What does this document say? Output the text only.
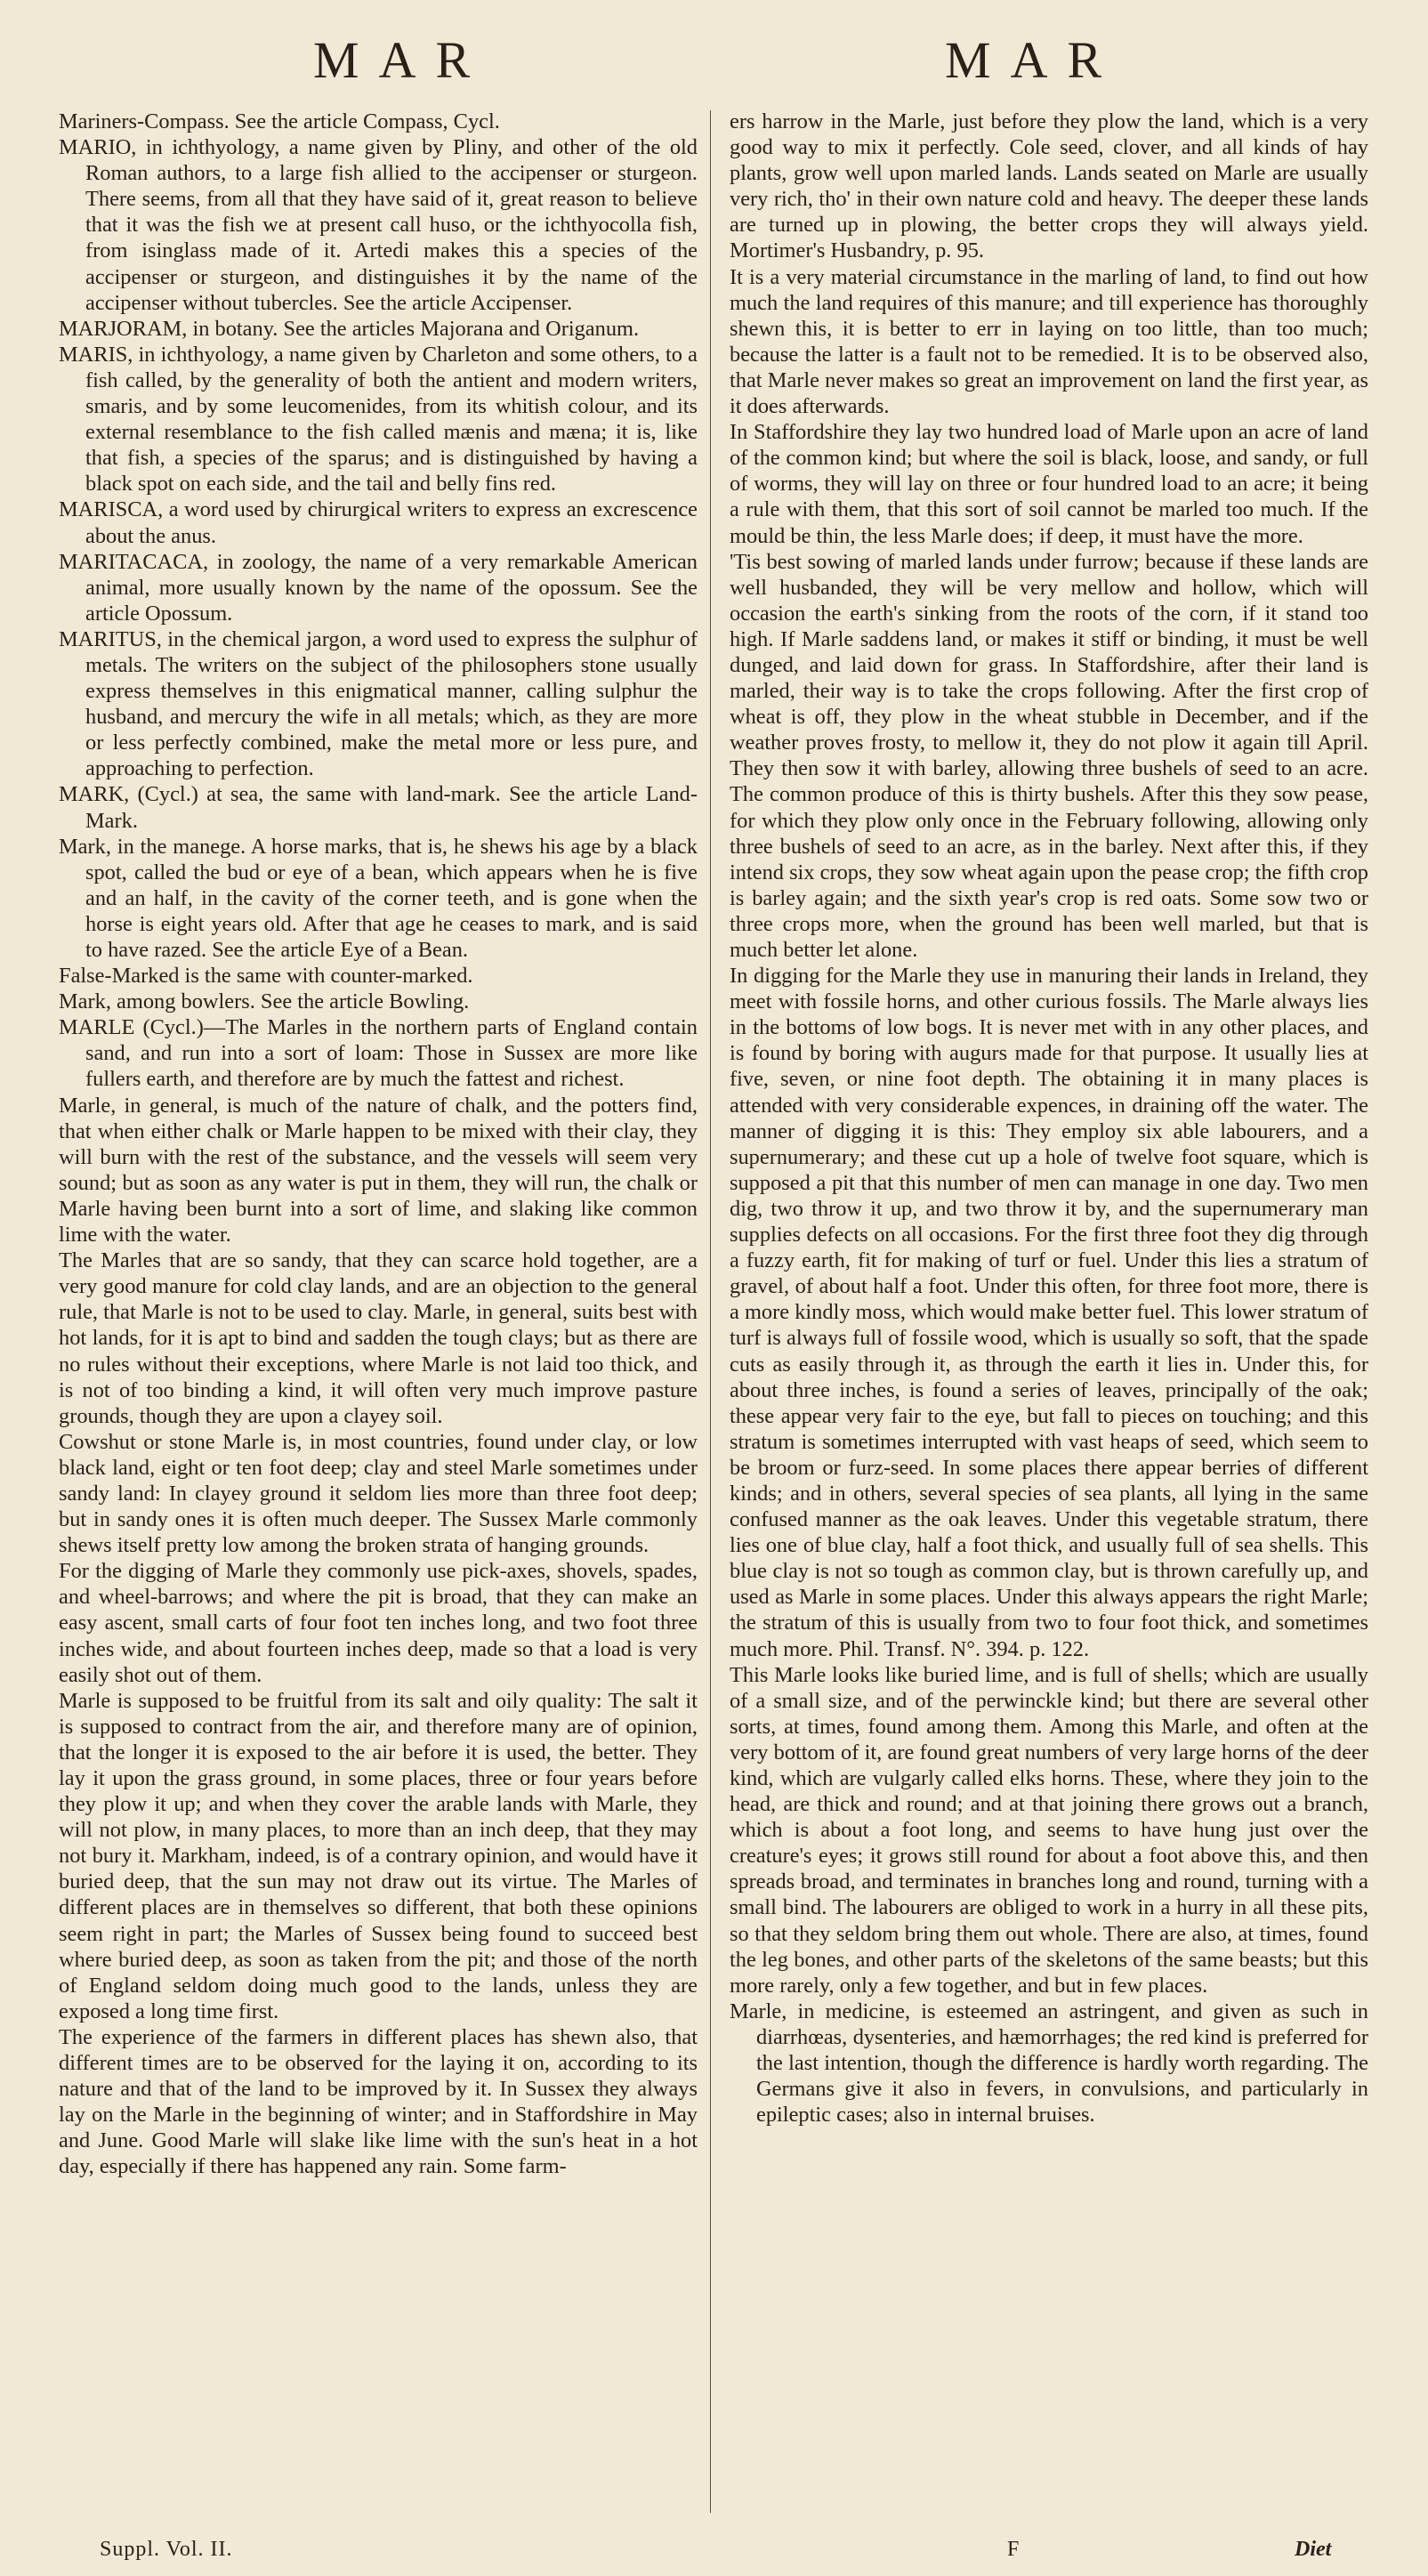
MAR	MAR

Mariners-Compass. See the article Compass, Cycl.

MARIO, in ichthyology, a name given by Pliny, and other of the old Roman authors, to a large fish allied to the accipenser or sturgeon. There seems, from all that they have said of it, great reason to believe that it was the fish we at present call huso, or the ichthyocolla fish, from isinglass made of it. Artedi makes this a species of the accipenser or sturgeon, and distinguishes it by the name of the accipenser without tubercles. See the article Accipenser.

MARJORAM, in botany. See the articles Majorana and Origanum.

MARIS, in ichthyology, a name given by Charleton and some others, to a fish called, by the generality of both the antient and modern writers, smaris, and by some leucomenides, from its whitish colour, and its external resemblance to the fish called mænis and mæna; it is, like that fish, a species of the sparus; and is distinguished by having a black spot on each side, and the tail and belly fins red.

MARISCA, a word used by chirurgical writers to express an excrescence about the anus.

MARITACACA, in zoology, the name of a very remarkable American animal, more usually known by the name of the opossum. See the article Opossum.

MARITUS, in the chemical jargon, a word used to express the sulphur of metals. The writers on the subject of the philosophers stone usually express themselves in this enigmatical manner, calling sulphur the husband, and mercury the wife in all metals; which, as they are more or less perfectly combined, make the metal more or less pure, and approaching to perfection.

MARK, (Cycl.) at sea, the same with land-mark. See the article Land-Mark.

Mark, in the manege. A horse marks, that is, he shews his age by a black spot, called the bud or eye of a bean, which appears when he is five and an half, in the cavity of the corner teeth, and is gone when the horse is eight years old. After that age he ceases to mark, and is said to have razed. See the article Eye of a Bean.

False-Marked is the same with counter-marked.

Mark, among bowlers. See the article Bowling.

MARLE (Cycl.)—The Marles in the northern parts of England contain sand, and run into a sort of loam: Those in Sussex are more like fullers earth, and therefore are by much the fattest and richest.

Marle, in general, is much of the nature of chalk, and the potters find, that when either chalk or Marle happen to be mixed with their clay, they will burn with the rest of the substance, and the vessels will seem very sound; but as soon as any water is put in them, they will run, the chalk or Marle having been burnt into a sort of lime, and slaking like common lime with the water.

The Marles that are so sandy, that they can scarce hold together, are a very good manure for cold clay lands, and are an objection to the general rule, that Marle is not to be used to clay. Marle, in general, suits best with hot lands, for it is apt to bind and sadden the tough clays; but as there are no rules without their exceptions, where Marle is not laid too thick, and is not of too binding a kind, it will often very much improve pasture grounds, though they are upon a clayey soil.

Cowshut or stone Marle is, in most countries, found under clay, or low black land, eight or ten foot deep; clay and steel Marle sometimes under sandy land: In clayey ground it seldom lies more than three foot deep; but in sandy ones it is often much deeper. The Sussex Marle commonly shews itself pretty low among the broken strata of hanging grounds.

For the digging of Marle they commonly use pick-axes, shovels, spades, and wheel-barrows; and where the pit is broad, that they can make an easy ascent, small carts of four foot ten inches long, and two foot three inches wide, and about fourteen inches deep, made so that a load is very easily shot out of them.

Marle is supposed to be fruitful from its salt and oily quality: The salt it is supposed to contract from the air, and therefore many are of opinion, that the longer it is exposed to the air before it is used, the better. They lay it upon the grass ground, in some places, three or four years before they plow it up; and when they cover the arable lands with Marle, they will not plow, in many places, to more than an inch deep, that they may not bury it. Markham, indeed, is of a contrary opinion, and would have it buried deep, that the sun may not draw out its virtue. The Marles of different places are in themselves so different, that both these opinions seem right in part; the Marles of Sussex being found to succeed best where buried deep, as soon as taken from the pit; and those of the north of England seldom doing much good to the lands, unless they are exposed a long time first.

The experience of the farmers in different places has shewn also, that different times are to be observed for the laying it on, according to its nature and that of the land to be improved by it. In Sussex they always lay on the Marle in the beginning of winter; and in Staffordshire in May and June. Good Marle will slake like lime with the sun's heat in a hot day, especially if there has happened any rain. Some farm-

ers harrow in the Marle, just before they plow the land, which is a very good way to mix it perfectly. Cole seed, clover, and all kinds of hay plants, grow well upon marled lands. Lands seated on Marle are usually very rich, tho' in their own nature cold and heavy. The deeper these lands are turned up in plowing, the better crops they will always yield. Mortimer's Husbandry, p. 95.

It is a very material circumstance in the marling of land, to find out how much the land requires of this manure; and till experience has thoroughly shewn this, it is better to err in laying on too little, than too much; because the latter is a fault not to be remedied. It is to be observed also, that Marle never makes so great an improvement on land the first year, as it does afterwards.

In Staffordshire they lay two hundred load of Marle upon an acre of land of the common kind; but where the soil is black, loose, and sandy, or full of worms, they will lay on three or four hundred load to an acre; it being a rule with them, that this sort of soil cannot be marled too much. If the mould be thin, the less Marle does; if deep, it must have the more.

'Tis best sowing of marled lands under furrow; because if these lands are well husbanded, they will be very mellow and hollow, which will occasion the earth's sinking from the roots of the corn, if it stand too high. If Marle saddens land, or makes it stiff or binding, it must be well dunged, and laid down for grass. In Staffordshire, after their land is marled, their way is to take the crops following. After the first crop of wheat is off, they plow in the wheat stubble in December, and if the weather proves frosty, to mellow it, they do not plow it again till April. They then sow it with barley, allowing three bushels of seed to an acre. The common produce of this is thirty bushels. After this they sow pease, for which they plow only once in the February following, allowing only three bushels of seed to an acre, as in the barley. Next after this, if they intend six crops, they sow wheat again upon the pease crop; the fifth crop is barley again; and the sixth year's crop is red oats. Some sow two or three crops more, when the ground has been well marled, but that is much better let alone.

In digging for the Marle they use in manuring their lands in Ireland, they meet with fossile horns, and other curious fossils. The Marle always lies in the bottoms of low bogs. It is never met with in any other places, and is found by boring with augurs made for that purpose. It usually lies at five, seven, or nine foot depth. The obtaining it in many places is attended with very considerable expences, in draining off the water. The manner of digging it is this: They employ six able labourers, and a supernumerary; and these cut up a hole of twelve foot square, which is supposed a pit that this number of men can manage in one day. Two men dig, two throw it up, and two throw it by, and the supernumerary man supplies defects on all occasions. For the first three foot they dig through a fuzzy earth, fit for making of turf or fuel. Under this lies a stratum of gravel, of about half a foot. Under this often, for three foot more, there is a more kindly moss, which would make better fuel. This lower stratum of turf is always full of fossile wood, which is usually so soft, that the spade cuts as easily through it, as through the earth it lies in. Under this, for about three inches, is found a series of leaves, principally of the oak; these appear very fair to the eye, but fall to pieces on touching; and this stratum is sometimes interrupted with vast heaps of seed, which seem to be broom or furz-seed. In some places there appear berries of different kinds; and in others, several species of sea plants, all lying in the same confused manner as the oak leaves. Under this vegetable stratum, there lies one of blue clay, half a foot thick, and usually full of sea shells. This blue clay is not so tough as common clay, but is thrown carefully up, and used as Marle in some places. Under this always appears the right Marle; the stratum of this is usually from two to four foot thick, and sometimes much more. Phil. Transf. N°. 394. p. 122.

This Marle looks like buried lime, and is full of shells; which are usually of a small size, and of the perwinckle kind; but there are several other sorts, at times, found among them. Among this Marle, and often at the very bottom of it, are found great numbers of very large horns of the deer kind, which are vulgarly called elks horns. These, where they join to the head, are thick and round; and at that joining there grows out a branch, which is about a foot long, and seems to have hung just over the creature's eyes; it grows still round for about a foot above this, and then spreads broad, and terminates in branches long and round, turning with a small bind. The labourers are obliged to work in a hurry in all these pits, so that they seldom bring them out whole. There are also, at times, found the leg bones, and other parts of the skeletons of the same beasts; but this more rarely, only a few together, and but in few places.

Marle, in medicine, is esteemed an astringent, and given as such in diarrhœas, dysenteries, and hæmorrhages; the red kind is preferred for the last intention, though the difference is hardly worth regarding. The Germans give it also in fevers, in convulsions, and particularly in epileptic cases; also in internal bruises.

Suppl. Vol. II.	F	Diet
